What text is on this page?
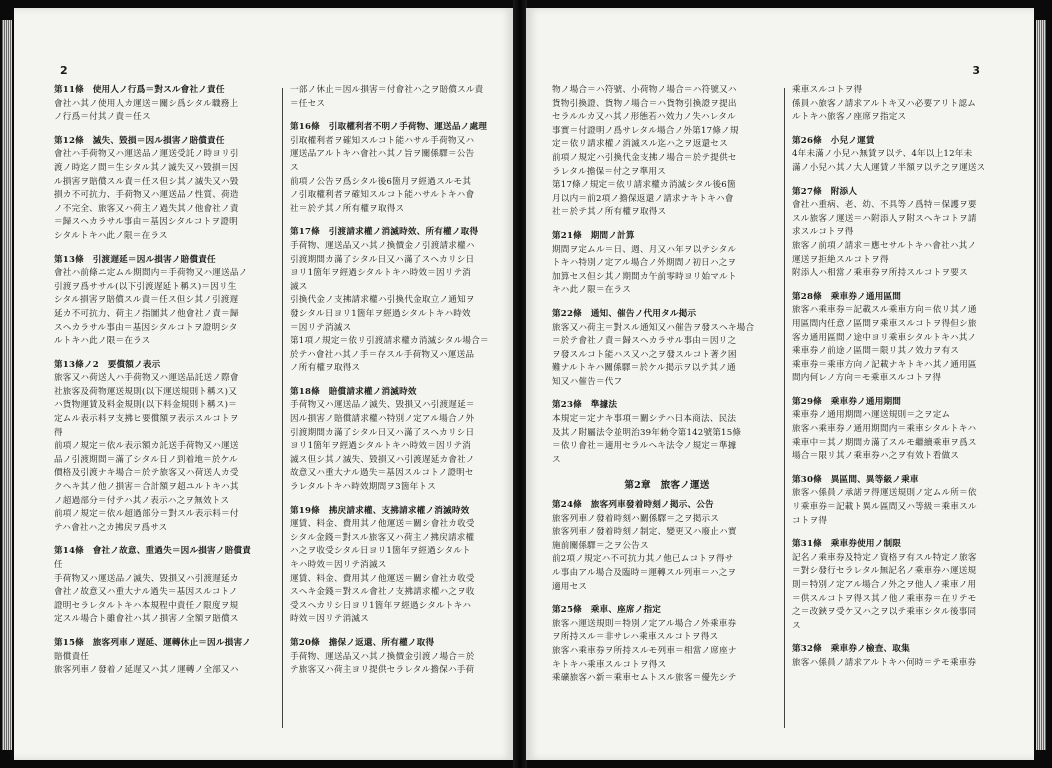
2
第11條　使用人ノ行爲＝對スル會社ノ責任
會社ハ其ノ使用人カ運送＝關シ爲シタル職務上
ノ行爲＝付其ノ責＝任ス
第12條　滅失、毀損＝因ル損害ノ賠償責任
會社ハ手荷物又ハ運送品ノ運送受託ノ時ヨリ引
渡ノ時迄ノ間＝生シタル其ノ滅失又ハ毀損＝因
ル損害ヲ賠償スル責＝任ス但シ其ノ滅失又ハ毀
損カ不可抗力、手荷物又ハ運送品ノ性質、荷造
ノ不完全、旅客又ハ荷主ノ過失其ノ他會社ノ責
＝歸スヘカラサル事由＝基因シタルコトヲ證明
シタルトキハ此ノ限＝在ラス
第13條　引渡遅延＝因ル損害ノ賠償責任
會社ハ前條ニ定ムル期間内＝手荷物又ハ運送品ノ
引渡ヲ爲ササル(以下引渡遅延ト稱ス)＝因リ生
シタル損害ヲ賠償スル責＝任ス但シ其ノ引渡遅
延カ不可抗力、荷主ノ指圖其ノ他會社ノ責＝歸
スヘカラサル事由＝基因シタルコトヲ證明シタ
ルトキハ此ノ限＝在ラス
第13條ノ2　要償額ノ表示
旅客又ハ荷送人ハ手荷物又ハ運送品託送ノ際會
社旅客及荷物運送規則(以下運送規則ト稱ス)又
ハ貨物運賃及料金規則(以下料金規則ト稱ス)＝
定ムル表示料ヲ支拂ヒ要償額ヲ表示スルコトヲ
得
前項ノ規定＝依ル表示額カ託送手荷物又ハ運送
品ノ引渡期間＝滿了シタル日ノ到着地＝於ケル
價格及引渡ナキ場合＝於テ旅客又ハ荷送人カ受
クヘキ其ノ他ノ損害＝合計額ヲ超ユルトキハ其
ノ超過部分＝付テハ其ノ表示ハ之ヲ無效トス
前項ノ規定＝依ル超過部分＝對スル表示料＝付
テハ會社ハ之カ拂戻ヲ爲サス
第14條　會社ノ故意、重過失＝因ル損害ノ賠償責
任
手荷物又ハ運送品ノ滅失、毀損又ハ引渡遅延カ
會社ノ故意又ハ重大ナル過失＝基因スルコトノ
證明セラレタルトキハ本規程中責任ノ限度ヲ規
定スル場合ト雖會社ハ其ノ損害ノ全額ヲ賠償ス
第15條　旅客列車ノ遅延、運轉休止＝因ル損害ノ
賠償責任
旅客列車ノ發着ノ延遅又ハ其ノ運轉ノ全部又ハ
一部ノ休止＝因ル損害＝付會社ハ之ヲ賠償スル責
＝任セス
第16條　引取權利者不明ノ手荷物、運送品ノ處理
引取權利者ヲ確知スルコト能ハサル手荷物又ハ
運送品アルトキハ會社ハ其ノ旨ヲ關係驛＝公告
ス
前項ノ公告ヲ爲シタル後6箇月ヲ經過スルモ其
ノ引取權利者ヲ確知スルコト能ハサルトキハ會
社＝於テ其ノ所有權ヲ取得ス
第17條　引渡請求權ノ消滅時效、所有權ノ取得
手荷物、運送品又ハ其ノ換價金ノ引渡請求權ハ
引渡期間カ滿了シタル日又ハ滿了スヘカリシ日
ヨリ1箇年ヲ經過シタルトキハ時效＝因リテ消
滅ス
引換代金ノ支拂請求權ハ引換代金取立ノ通知ヲ
發シタル日ヨリ1箇年ヲ經過シタルトキハ時效
＝因リテ消滅ス
第1項ノ規定＝依リ引渡請求權カ消滅シタル場合＝
於テハ會社ハ其ノ手＝存スル手荷物又ハ運送品
ノ所有權ヲ取得ス
第18條　賠償請求權ノ消滅時效
手荷物又ハ運送品ノ滅失、毀損又ハ引渡遅延＝
因ル損害ノ賠償請求權ハ特別ノ定アル場合ノ外
引渡期間カ滿了シタル日又ハ滿了スヘカリシ日
ヨリ1箇年ヲ經過シタルトキハ時效＝因リテ消
滅ス但シ其ノ滅失、毀損又ハ引渡遅延カ會社ノ
故意又ハ重大ナル過失＝基因スルコトノ證明セ
ラレタルトキハ時效期間ヲ3箇年トス
第19條　拂戻請求權、支拂請求權ノ消滅時效
運賃、料金、費用其ノ他運送＝關シ會社カ收受
シタル金錢＝對スル旅客又ハ荷主ノ拂戻請求權
ハ之ヲ收受シタル日ヨリ1箇年ヲ經過シタルト
キハ時效＝因リテ消滅ス
運賃、料金、費用其ノ他運送＝關シ會社カ收受
スヘキ金錢＝對スル會社ノ支拂請求權ハ之ヲ收
受スヘカリシ日ヨリ1箇年ヲ經過シタルトキハ
時效＝因リテ消滅ス
第20條　擔保ノ返還、所有權ノ取得
手荷物、運送品又ハ其ノ換價金引渡ノ場合＝於
テ旅客又ハ荷主ヨリ提供セラレタル擔保ハ手荷
3
物ノ場合＝ハ符號、小荷物ノ場合＝ハ符號又ハ
貨物引換證、貨物ノ場合＝ハ貨物引換證ヲ提出
セラルルカ又ハ其ノ形態若ハ效力ノ失ハレタル
事實＝付證明ノ爲サレタル場合ノ外第17條ノ規
定＝依リ請求權ノ消滅スル迄ハ之ヲ返還セス
前項ノ規定ハ引換代金支拂ノ場合＝於テ提供セ
ラレタル擔保＝付之ヲ準用ス
第17條ノ規定＝依リ請求權カ消滅シタル後6箇
月以内＝前2項ノ擔保返還ノ請求ナキトキハ會
社＝於テ其ノ所有權ヲ取得ス
第21條　期間ノ計算
期間ヲ定ムル＝日、週、月又ハ年ヲ以テシタル
トキハ特別ノ定アル場合ノ外期間ノ初日ハ之ヲ
加算セス但シ其ノ期間カ午前零時ヨリ始マルト
キハ此ノ限＝在ラス
第22條　通知、催告ノ代用タル掲示
旅客又ハ荷主＝對スル通知又ハ催告ヲ發スヘキ場合
＝於テ會社ノ責＝歸スヘカラサル事由＝因リ之
ヲ發スルコト能ハス又ハ之ヲ發スルコト著ク困
難ナルトキハ關係驛＝於ケル掲示ヲ以テ其ノ通
知又ハ催告＝代フ
第23條　準據法
本規定＝定ナキ事項＝關シテハ日本商法、民法
及其ノ附屬法令並明治39年勅令第142號第15條
＝依リ會社＝適用セラルヘキ法令ノ規定＝準據
ス
第2章　旅客ノ運送
第24條　旅客列車發着時刻ノ掲示、公告
旅客列車ノ發着時刻ハ關係驛＝之ヲ掲示ス
旅客列車ノ發着時刻ノ制定、變更又ハ廢止ハ實
施前關係驛＝之ヲ公告ス
前2項ノ規定ハ不可抗力其ノ他已ムコトヲ得サ
ル事由アル場合及臨時＝運轉スル列車＝ハ之ヲ
適用セス
第25條　乘車、座席ノ指定
旅客ハ運送規則＝特別ノ定アル場合ノ外乘車券
ヲ所持スル＝非サレハ乘車スルコトヲ得ス
旅客ハ乘車券ヲ所持スルモ列車＝相當ノ席座ナ
キトキハ乘車スルコトヲ得ス
乘礦旅客ハ新＝乘車セムトスル旅客＝優先シテ
乘車スルコトヲ得
係員ハ旅客ノ請求アルトキ又ハ必要アリト認ム
ルトキハ旅客ノ座席ヲ指定ス
第26條　小兒ノ運賃
4年未滿ノ小兒ハ無賃ヲ以テ、4年以上12年未
滿ノ小兒ハ其ノ大人運賃ノ半額ヲ以テ之ヲ運送ス
第27條　附添人
會社ハ重病、老、幼、不具等ノ爲特＝保護ヲ要
スル旅客ノ運送＝ハ附添人ヲ附スヘキコトヲ請
求スルコトヲ得
旅客ノ前項ノ請求＝應セサルトキハ會社ハ其ノ
運送ヲ拒絶スルコトヲ得
附添人ハ相當ノ乘車券ヲ所持スルコトヲ要ス
第28條　乘車券ノ通用區間
旅客ハ乘車券＝記載スル乘車方向＝依リ其ノ通
用區間内任意ノ區間ヲ乘車スルコトヲ得但シ旅
客カ通用區間ノ途中ヨリ乘車シタルトキハ其ノ
乘車券ノ前途ノ區間＝限リ其ノ效力ヲ有ス
乘車券＝乘車方向ノ記載ナキトキハ其ノ通用區
間内何レノ方向＝モ乘車スルコトヲ得
第29條　乘車券ノ通用期間
乘車券ノ通用期間ハ運送規則＝之ヲ定ム
旅客ハ乘車券ノ通用期間内＝乘車シタルトキハ
乘車中＝其ノ期間カ滿了スルモ繼續乘車ヲ爲ス
場合＝限リ其ノ乘車券ハ之ヲ有效ト看做ス
第30條　異區間、異等級ノ乘車
旅客ハ係員ノ承諾ヲ得運送規則ノ定ムル所＝依
リ乘車券＝記載ト異ル區間又ハ等級＝乘車スル
コトヲ得
第31條　乘車券使用ノ制限
記名ノ乘車券及特定ノ資格ヲ有スル特定ノ旅客
＝對シ發行セラレタル無記名ノ乘車券ハ運送規
則＝特別ノ定アル場合ノ外之ヲ他人ノ乘車ノ用
＝供スルコトヲ得ス其ノ他ノ乘車券＝在リテモ
之＝改鋏ヲ受ケ又ハ之ヲ以テ乘車シタル後事同
ス
第32條　乘車券ノ檢査、取集
旅客ハ係員ノ請求アルトキハ何時＝テモ乘車券
